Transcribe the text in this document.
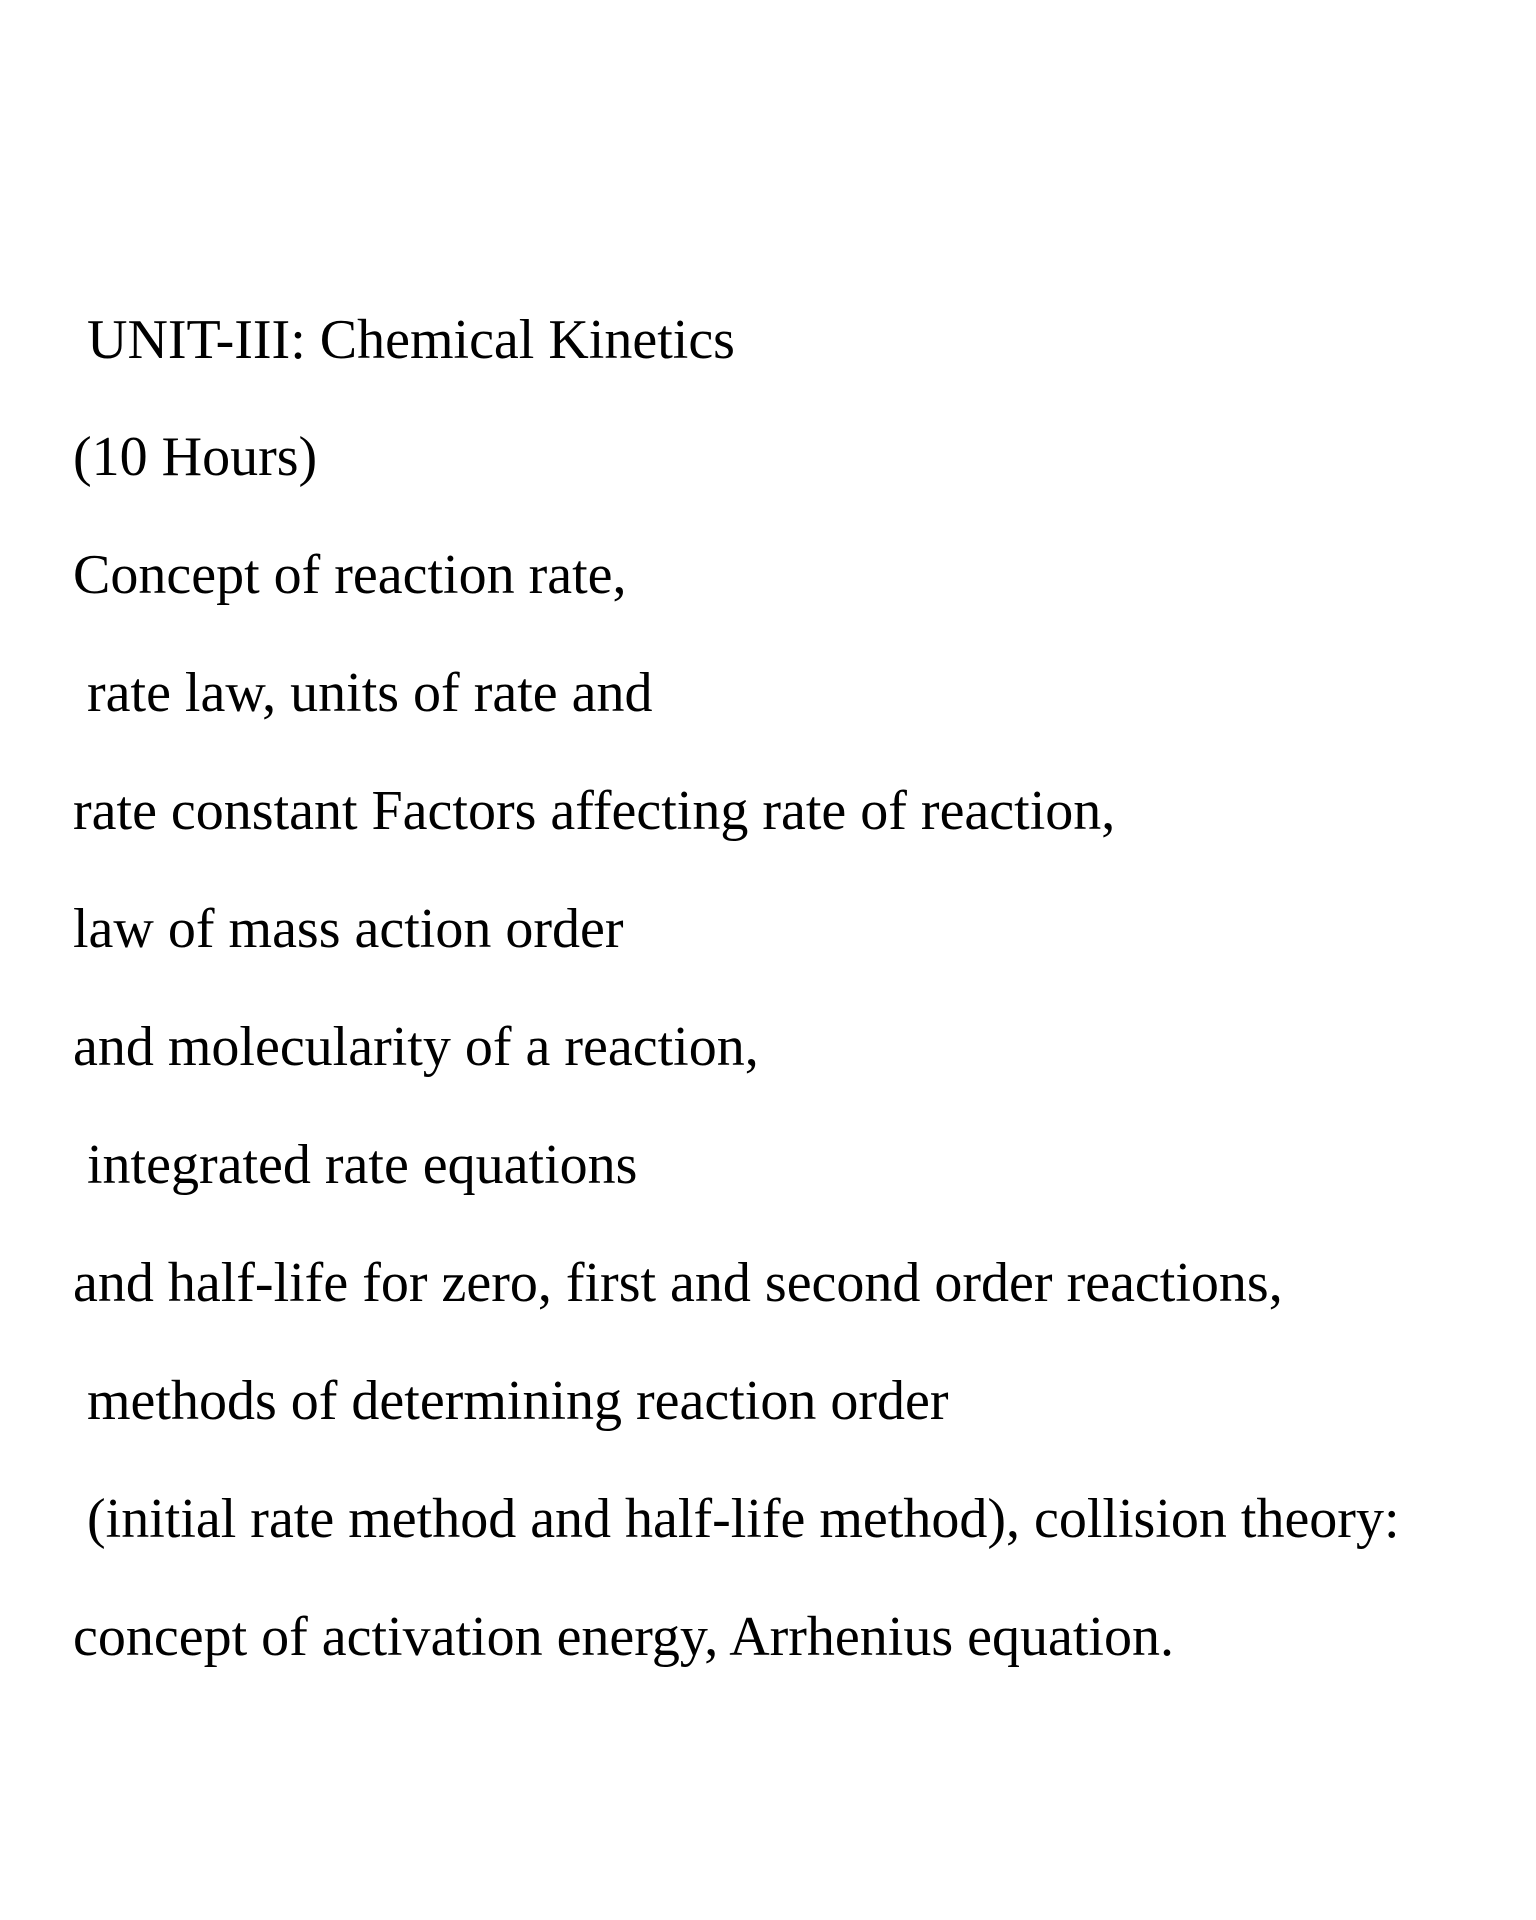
UNIT-III: Chemical Kinetics

(10 Hours)

Concept of reaction rate,

rate law, units of rate and

rate constant Factors affecting rate of reaction,

law of mass action order

and molecularity of a reaction,

integrated rate equations

and half-life for zero, first and second order reactions,

methods of determining reaction order

(initial rate method and half-life method), collision theory:

concept of activation energy, Arrhenius equation.
